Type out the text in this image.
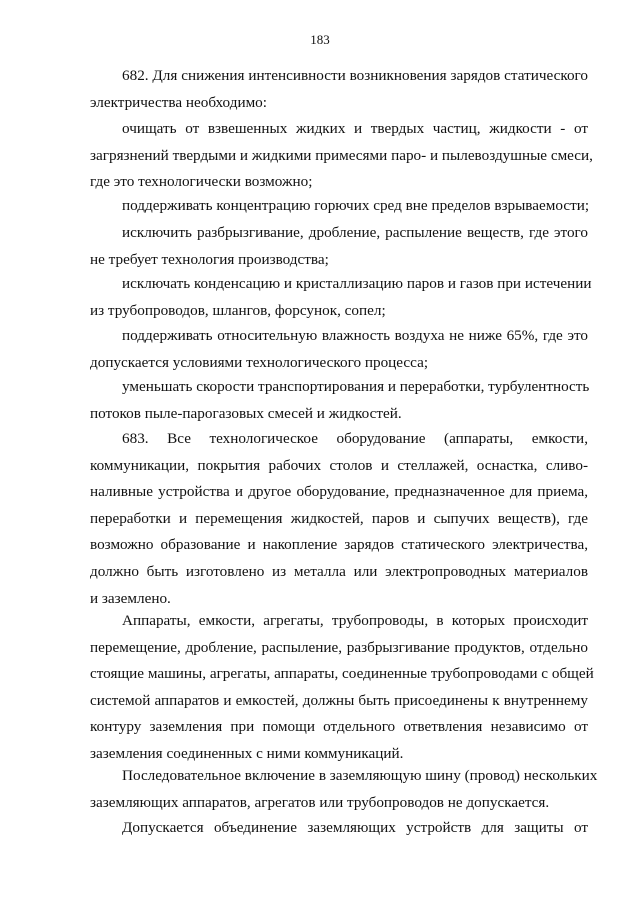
183
682. Для снижения интенсивности возникновения зарядов статического
электричества необходимо:
очищать от взвешенных жидких и твердых частиц, жидкости - от
загрязнений твердыми и жидкими примесями паро- и пылевоздушные смеси,
где это технологически возможно;
поддерживать концентрацию горючих сред вне пределов взрываемости;
исключить разбрызгивание, дробление, распыление веществ, где этого
не требует технология производства;
исключать конденсацию и кристаллизацию паров и газов при истечении
из трубопроводов, шлангов, форсунок, сопел;
поддерживать относительную влажность воздуха не ниже 65%, где это
допускается условиями технологического процесса;
уменьшать скорости транспортирования и переработки, турбулентность
потоков пыле-парогазовых смесей и жидкостей.
683. Все технологическое оборудование (аппараты, емкости,
коммуникации, покрытия рабочих столов и стеллажей, оснастка, сливо-
наливные устройства и другое оборудование, предназначенное для приема,
переработки и перемещения жидкостей, паров и сыпучих веществ), где
возможно образование и накопление зарядов статического электричества,
должно быть изготовлено из металла или электропроводных материалов
и заземлено.
Аппараты, емкости, агрегаты, трубопроводы, в которых происходит
перемещение, дробление, распыление, разбрызгивание продуктов, отдельно
стоящие машины, агрегаты, аппараты, соединенные трубопроводами с общей
системой аппаратов и емкостей, должны быть присоединены к внутреннему
контуру заземления при помощи отдельного ответвления независимо от
заземления соединенных с ними коммуникаций.
Последовательное включение в заземляющую шину (провод) нескольких
заземляющих аппаратов, агрегатов или трубопроводов не допускается.
Допускается объединение заземляющих устройств для защиты от
